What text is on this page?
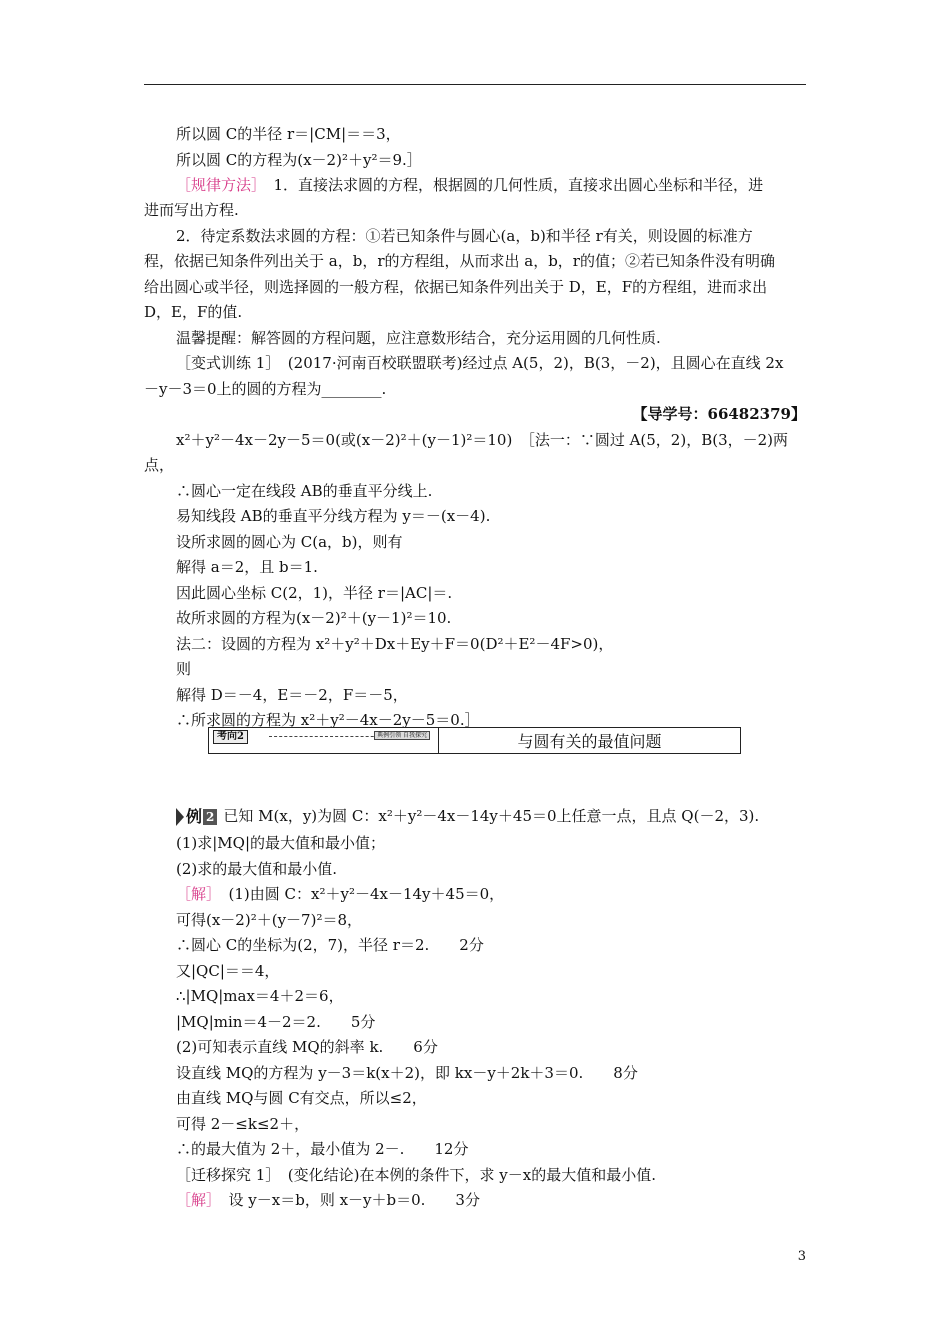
所以圆 C的半径 r＝|CM|＝＝3，
所以圆 C的方程为(x－2)²＋y²＝9.］
［规律方法］　1．直接法求圆的方程，根据圆的几何性质，直接求出圆心坐标和半径，进
进而写出方程.
2．待定系数法求圆的方程：①若已知条件与圆心(a，b)和半径 r有关，则设圆的标准方
程，依据已知条件列出关于 a，b，r的方程组，从而求出 a，b，r的值；②若已知条件没有明确
给出圆心或半径，则选择圆的一般方程，依据已知条件列出关于 D，E，F的方程组，进而求出
D，E，F的值.
温馨提醒：解答圆的方程问题，应注意数形结合，充分运用圆的几何性质.
［变式训练 1］　(2017·河南百校联盟联考)经过点 A(5，2)，B(3，－2)，且圆心在直线 2x
－y－3＝0上的圆的方程为________.
【导学号：66482379】
x²＋y²－4x－2y－5＝0(或(x－2)²＋(y－1)²＝10)　［法一：∵圆过 A(5，2)，B(3，－2)两
点，
∴圆心一定在线段 AB的垂直平分线上.
易知线段 AB的垂直平分线方程为 y＝－(x－4).
设所求圆的圆心为 C(a，b)，则有
解得 a＝2，且 b＝1.
因此圆心坐标 C(2，1)，半径 r＝|AC|＝.
故所求圆的方程为(x－2)²＋(y－1)²＝10.
法二：设圆的方程为 x²＋y²＋Dx＋Ey＋F＝0(D²＋E²－4F>0)，
则
解得 D＝－4，E＝－2，F＝－5，
∴所求圆的方程为 x²＋y²－4x－2y－5＝0.］
考向2	典例引领 自我探究	与圆有关的最值问题
例 2 已知 M(x，y)为圆 C：x²＋y²－4x－14y＋45＝0上任意一点，且点 Q(－2，3).
(1)求|MQ|的最大值和最小值；
(2)求的最大值和最小值.
［解］　(1)由圆 C：x²＋y²－4x－14y＋45＝0，
可得(x－2)²＋(y－7)²＝8，
∴圆心 C的坐标为(2，7)，半径 r＝2.　　2分
又|QC|＝＝4，
∴|MQ|max＝4＋2＝6，
|MQ|min＝4－2＝2.　　5分
(2)可知表示直线 MQ的斜率 k.　　6分
设直线 MQ的方程为 y－3＝k(x＋2)，即 kx－y＋2k＋3＝0.　　8分
由直线 MQ与圆 C有交点，所以≤2，
可得 2－≤k≤2＋，
∴的最大值为 2＋，最小值为 2－.　　12分
［迁移探究 1］　(变化结论)在本例的条件下，求 y－x的最大值和最小值.
［解］　设 y－x＝b，则 x－y＋b＝0.　　3分
3
